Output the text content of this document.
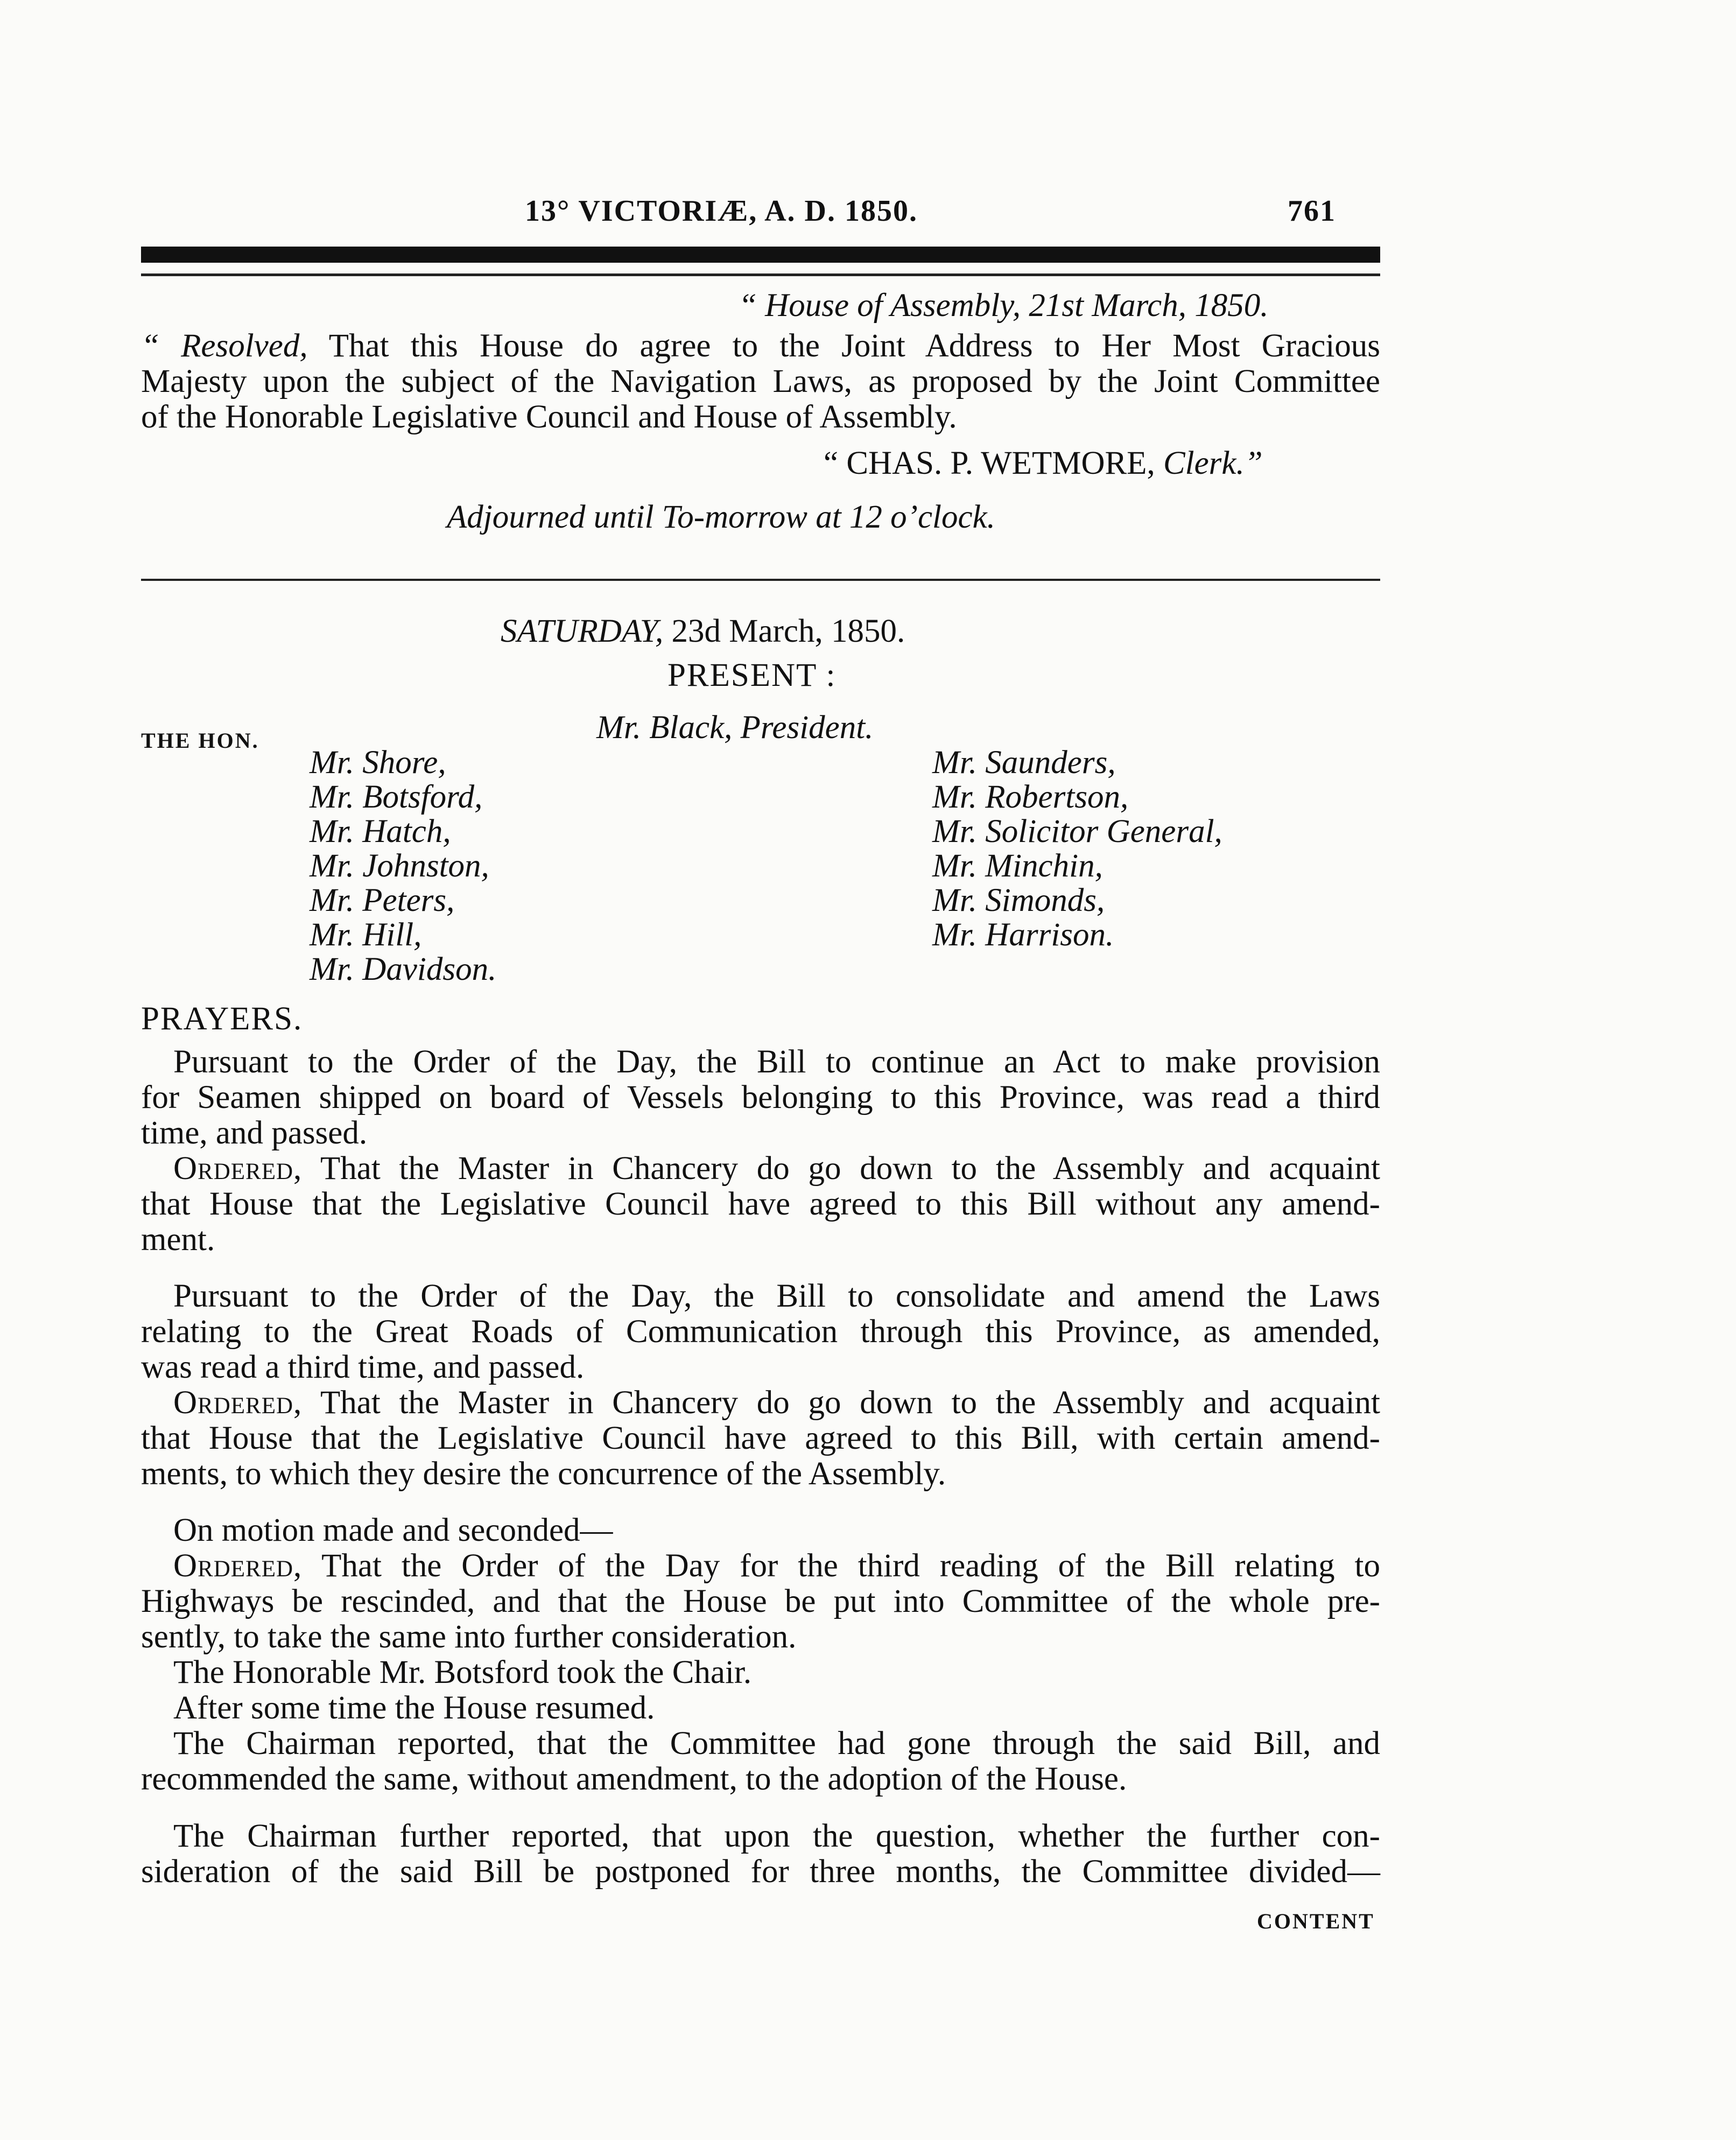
13° VICTORIÆ, A. D. 1850.	761
“ House of Assembly, 21st March, 1850.
“ Resolved, That this House do agree to the Joint Address to Her Most Gracious
Majesty upon the subject of the Navigation Laws, as proposed by the Joint Committee
of the Honorable Legislative Council and House of Assembly.
“ CHAS. P. WETMORE, Clerk.”
Adjourned until To-morrow at 12 o’clock.
SATURDAY, 23d March, 1850.
PRESENT :
THE HON.	Mr. Black, President.
Mr. Shore,
Mr. Botsford,
Mr. Hatch,
Mr. Johnston,
Mr. Peters,
Mr. Hill,
Mr. Davidson.
Mr. Saunders,
Mr. Robertson,
Mr. Solicitor General,
Mr. Minchin,
Mr. Simonds,
Mr. Harrison.
PRAYERS.
Pursuant to the Order of the Day, the Bill to continue an Act to make provision
for Seamen shipped on board of Vessels belonging to this Province, was read a third
time, and passed.
Ordered, That the Master in Chancery do go down to the Assembly and acquaint
that House that the Legislative Council have agreed to this Bill without any amend-
ment.
Pursuant to the Order of the Day, the Bill to consolidate and amend the Laws
relating to the Great Roads of Communication through this Province, as amended,
was read a third time, and passed.
Ordered, That the Master in Chancery do go down to the Assembly and acquaint
that House that the Legislative Council have agreed to this Bill, with certain amend-
ments, to which they desire the concurrence of the Assembly.
On motion made and seconded—
Ordered, That the Order of the Day for the third reading of the Bill relating to
Highways be rescinded, and that the House be put into Committee of the whole pre-
sently, to take the same into further consideration.
The Honorable Mr. Botsford took the Chair.
After some time the House resumed.
The Chairman reported, that the Committee had gone through the said Bill, and
recommended the same, without amendment, to the adoption of the House.
The Chairman further reported, that upon the question, whether the further con-
sideration of the said Bill be postponed for three months, the Committee divided—
CONTENT
